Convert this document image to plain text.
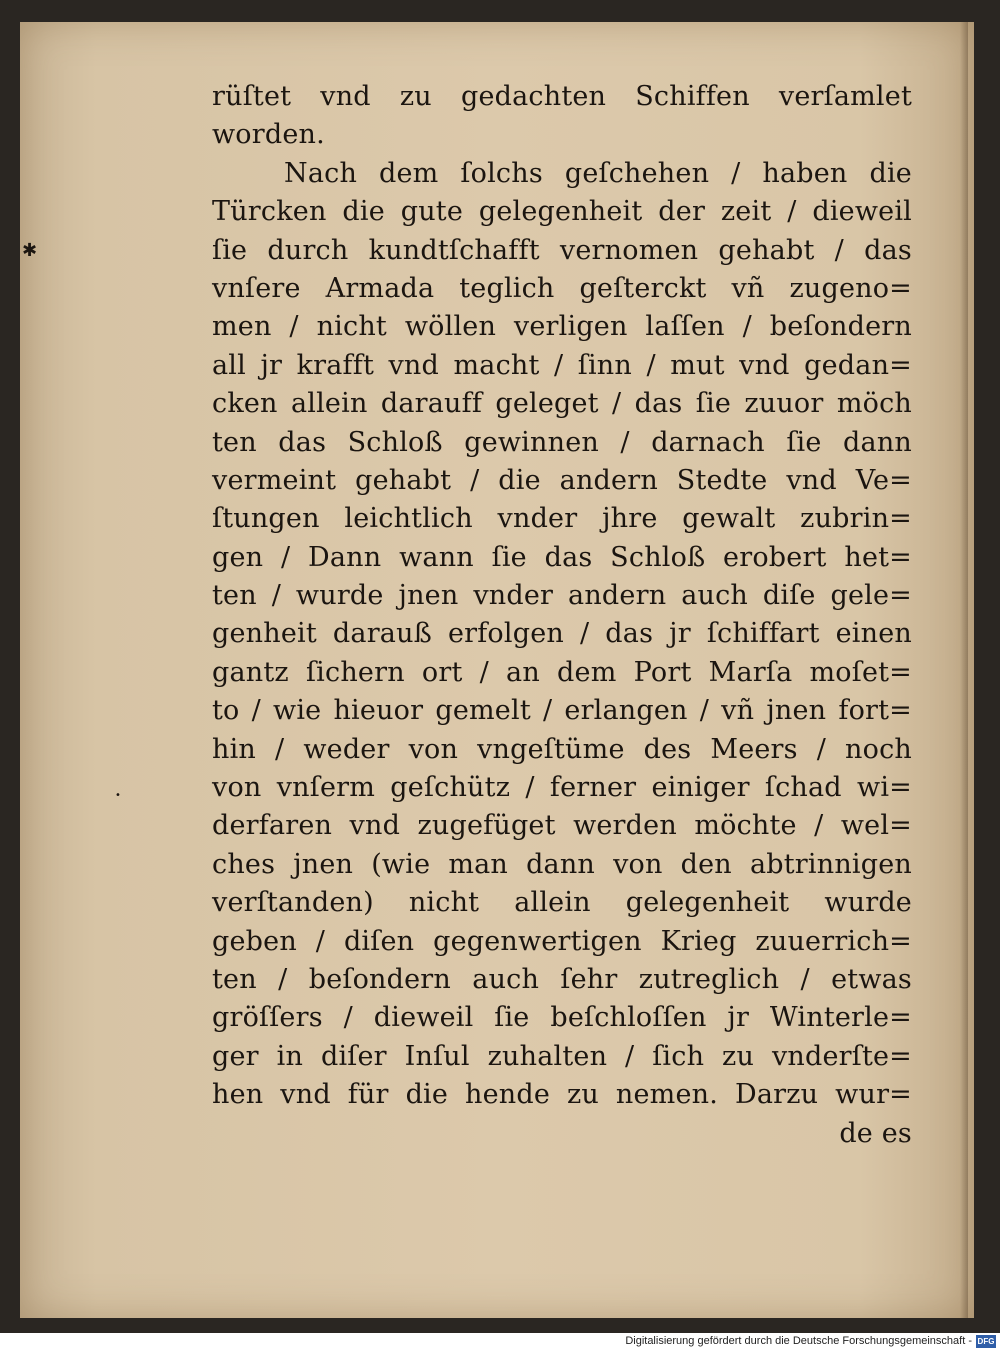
✱
•
rüſtet vnd zu gedachten Schiffen verſamlet
worden.
Nach dem ſolchs geſchehen / haben die
Türcken die gute gelegenheit der zeit / dieweil
ſie durch kundtſchafft vernomen gehabt / das
vnſere Armada teglich geſterckt vñ zugeno=
men / nicht wöllen verligen laſſen / beſondern
all jr krafft vnd macht / ſinn / mut vnd gedan=
cken allein darauff geleget / das ſie zuuor möch
ten das Schloß gewinnen / darnach ſie dann
vermeint gehabt / die andern Stedte vnd Ve=
ſtungen leichtlich vnder jhre gewalt zubrin=
gen / Dann wann ſie das Schloß erobert het=
ten / wurde jnen vnder andern auch diſe gele=
genheit darauß erfolgen / das jr ſchiffart einen
gantz ſichern ort / an dem Port Marſa moſet=
to / wie hieuor gemelt / erlangen / vñ jnen fort=
hin / weder von vngeſtüme des Meers / noch
von vnſerm geſchütz / ferner einiger ſchad wi=
derfaren vnd zugefüget werden möchte / wel=
ches jnen (wie man dann von den abtrinnigen
verſtanden) nicht allein gelegenheit wurde
geben / diſen gegenwertigen Krieg zuuerrich=
ten / beſondern auch ſehr zutreglich / etwas
gröſſers / dieweil ſie beſchloſſen jr Winterle=
ger in diſer Inſul zuhalten / ſich zu vnderſte=
hen vnd für die hende zu nemen. Darzu wur=
de es
Digitalisierung gefördert durch die Deutsche Forschungsgemeinschaft - DFG
